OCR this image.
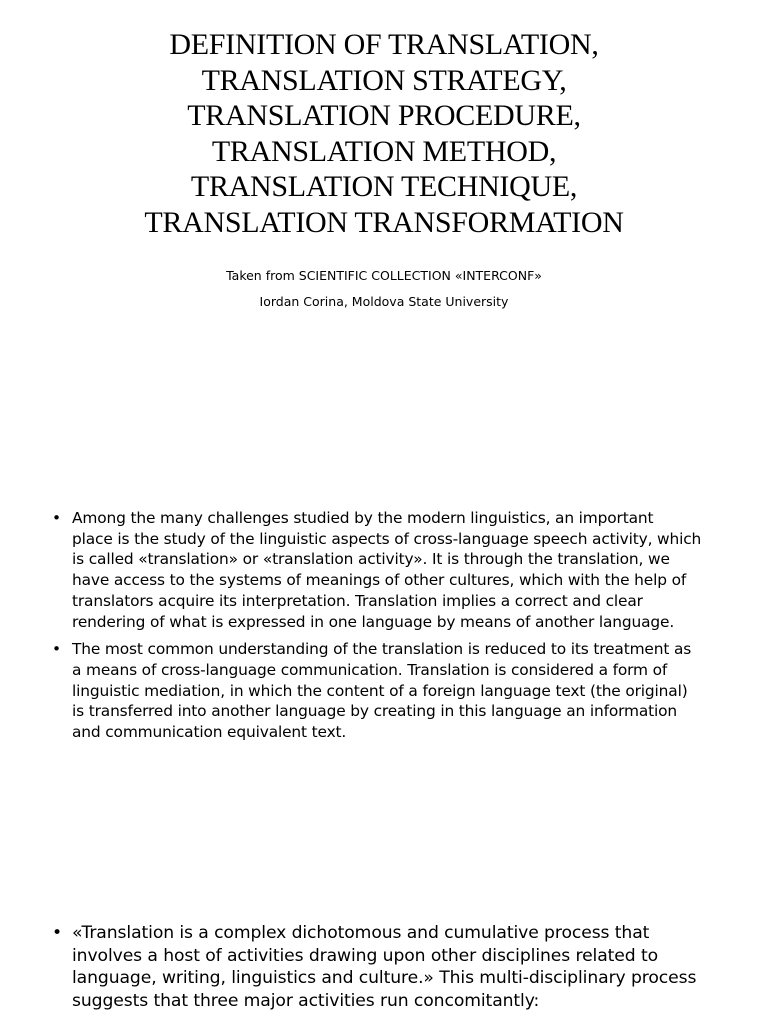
DEFINITION OF TRANSLATION,
TRANSLATION STRATEGY,
TRANSLATION PROCEDURE,
TRANSLATION METHOD,
TRANSLATION TECHNIQUE,
TRANSLATION TRANSFORMATION

Taken from SCIENTIFIC COLLECTION «INTERCONF»

Iordan Corina, Moldova State University

• Among the many challenges studied by the modern linguistics, an important
place is the study of the linguistic aspects of cross-language speech activity, which
is called «translation» or «translation activity». It is through the translation, we
have access to the systems of meanings of other cultures, which with the help of
translators acquire its interpretation. Translation implies a correct and clear
rendering of what is expressed in one language by means of another language.
• The most common understanding of the translation is reduced to its treatment as
a means of cross-language communication. Translation is considered a form of
linguistic mediation, in which the content of a foreign language text (the original)
is transferred into another language by creating in this language an information
and communication equivalent text.
• «Translation is a complex dichotomous and cumulative process that
involves a host of activities drawing upon other disciplines related to
language, writing, linguistics and culture.» This multi-disciplinary process
suggests that three major activities run concomitantly:
